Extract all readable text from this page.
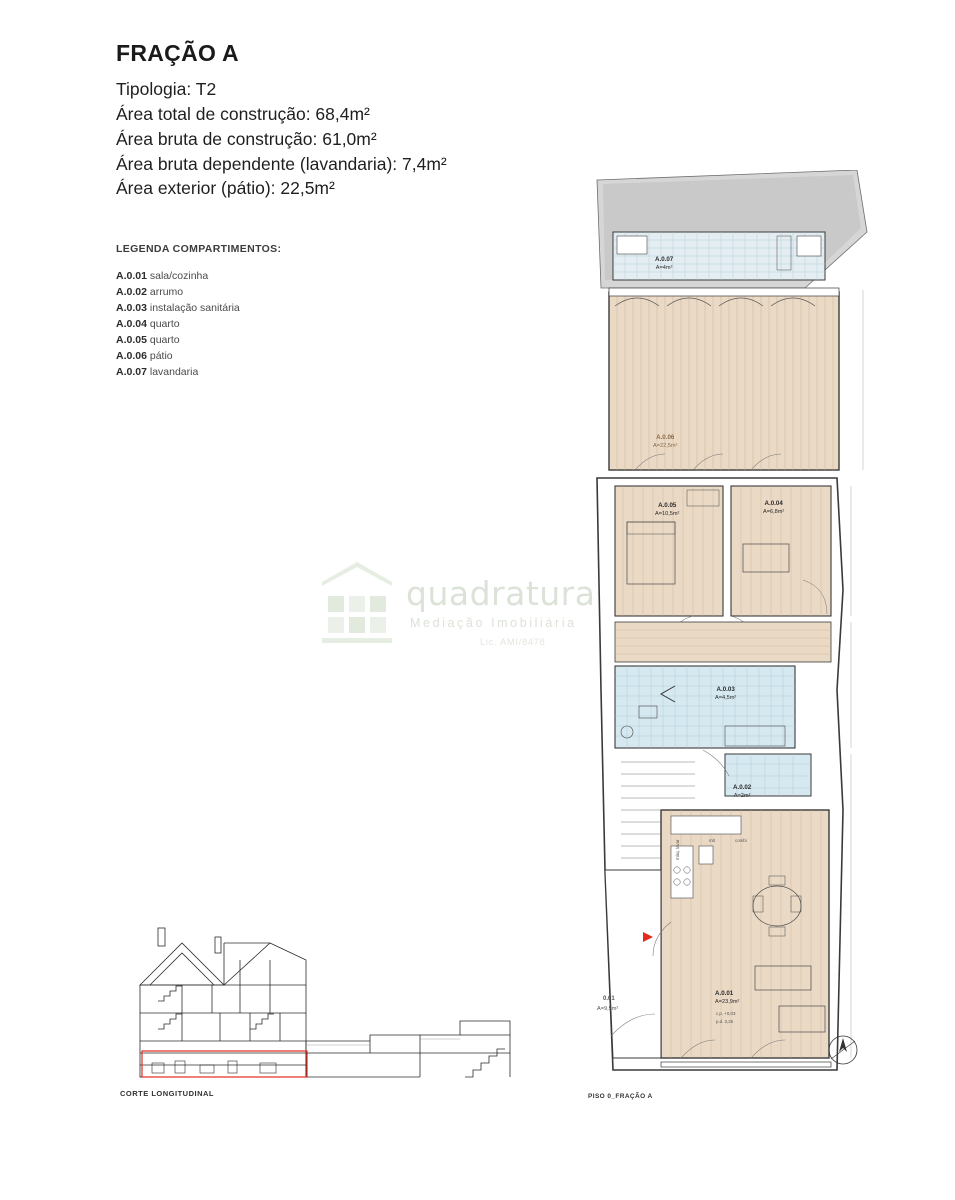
FRAÇÃO A
Tipologia: T2
Área total de construção: 68,4m²
Área bruta de construção: 61,0m²
Área bruta dependente (lavandaria): 7,4m²
Área exterior (pátio): 22,5m²
LEGENDA COMPARTIMENTOS:
A.0.01 sala/cozinha
A.0.02 arrumo
A.0.03 instalação sanitária
A.0.04 quarto
A.0.05 quarto
A.0.06 pátio
A.0.07 lavandaria
quadratura
Mediação Imobiliária
Lic. AMI/8478
CORTE LONGITUDINAL
A.0.07
A=4m²
A.0.06
A=22,5m²
A.0.05
A=10,5m²
A.0.04
A=6,8m²
A.0.03
A=4,5m²
A.0.02
A=2m²
A.0.01
A=23,9m²
0.01
A=9,5m²
c.p. +0,03
p.d. 3,25
mlt	combi
máq. lavar
PISO 0_FRAÇÃO A
